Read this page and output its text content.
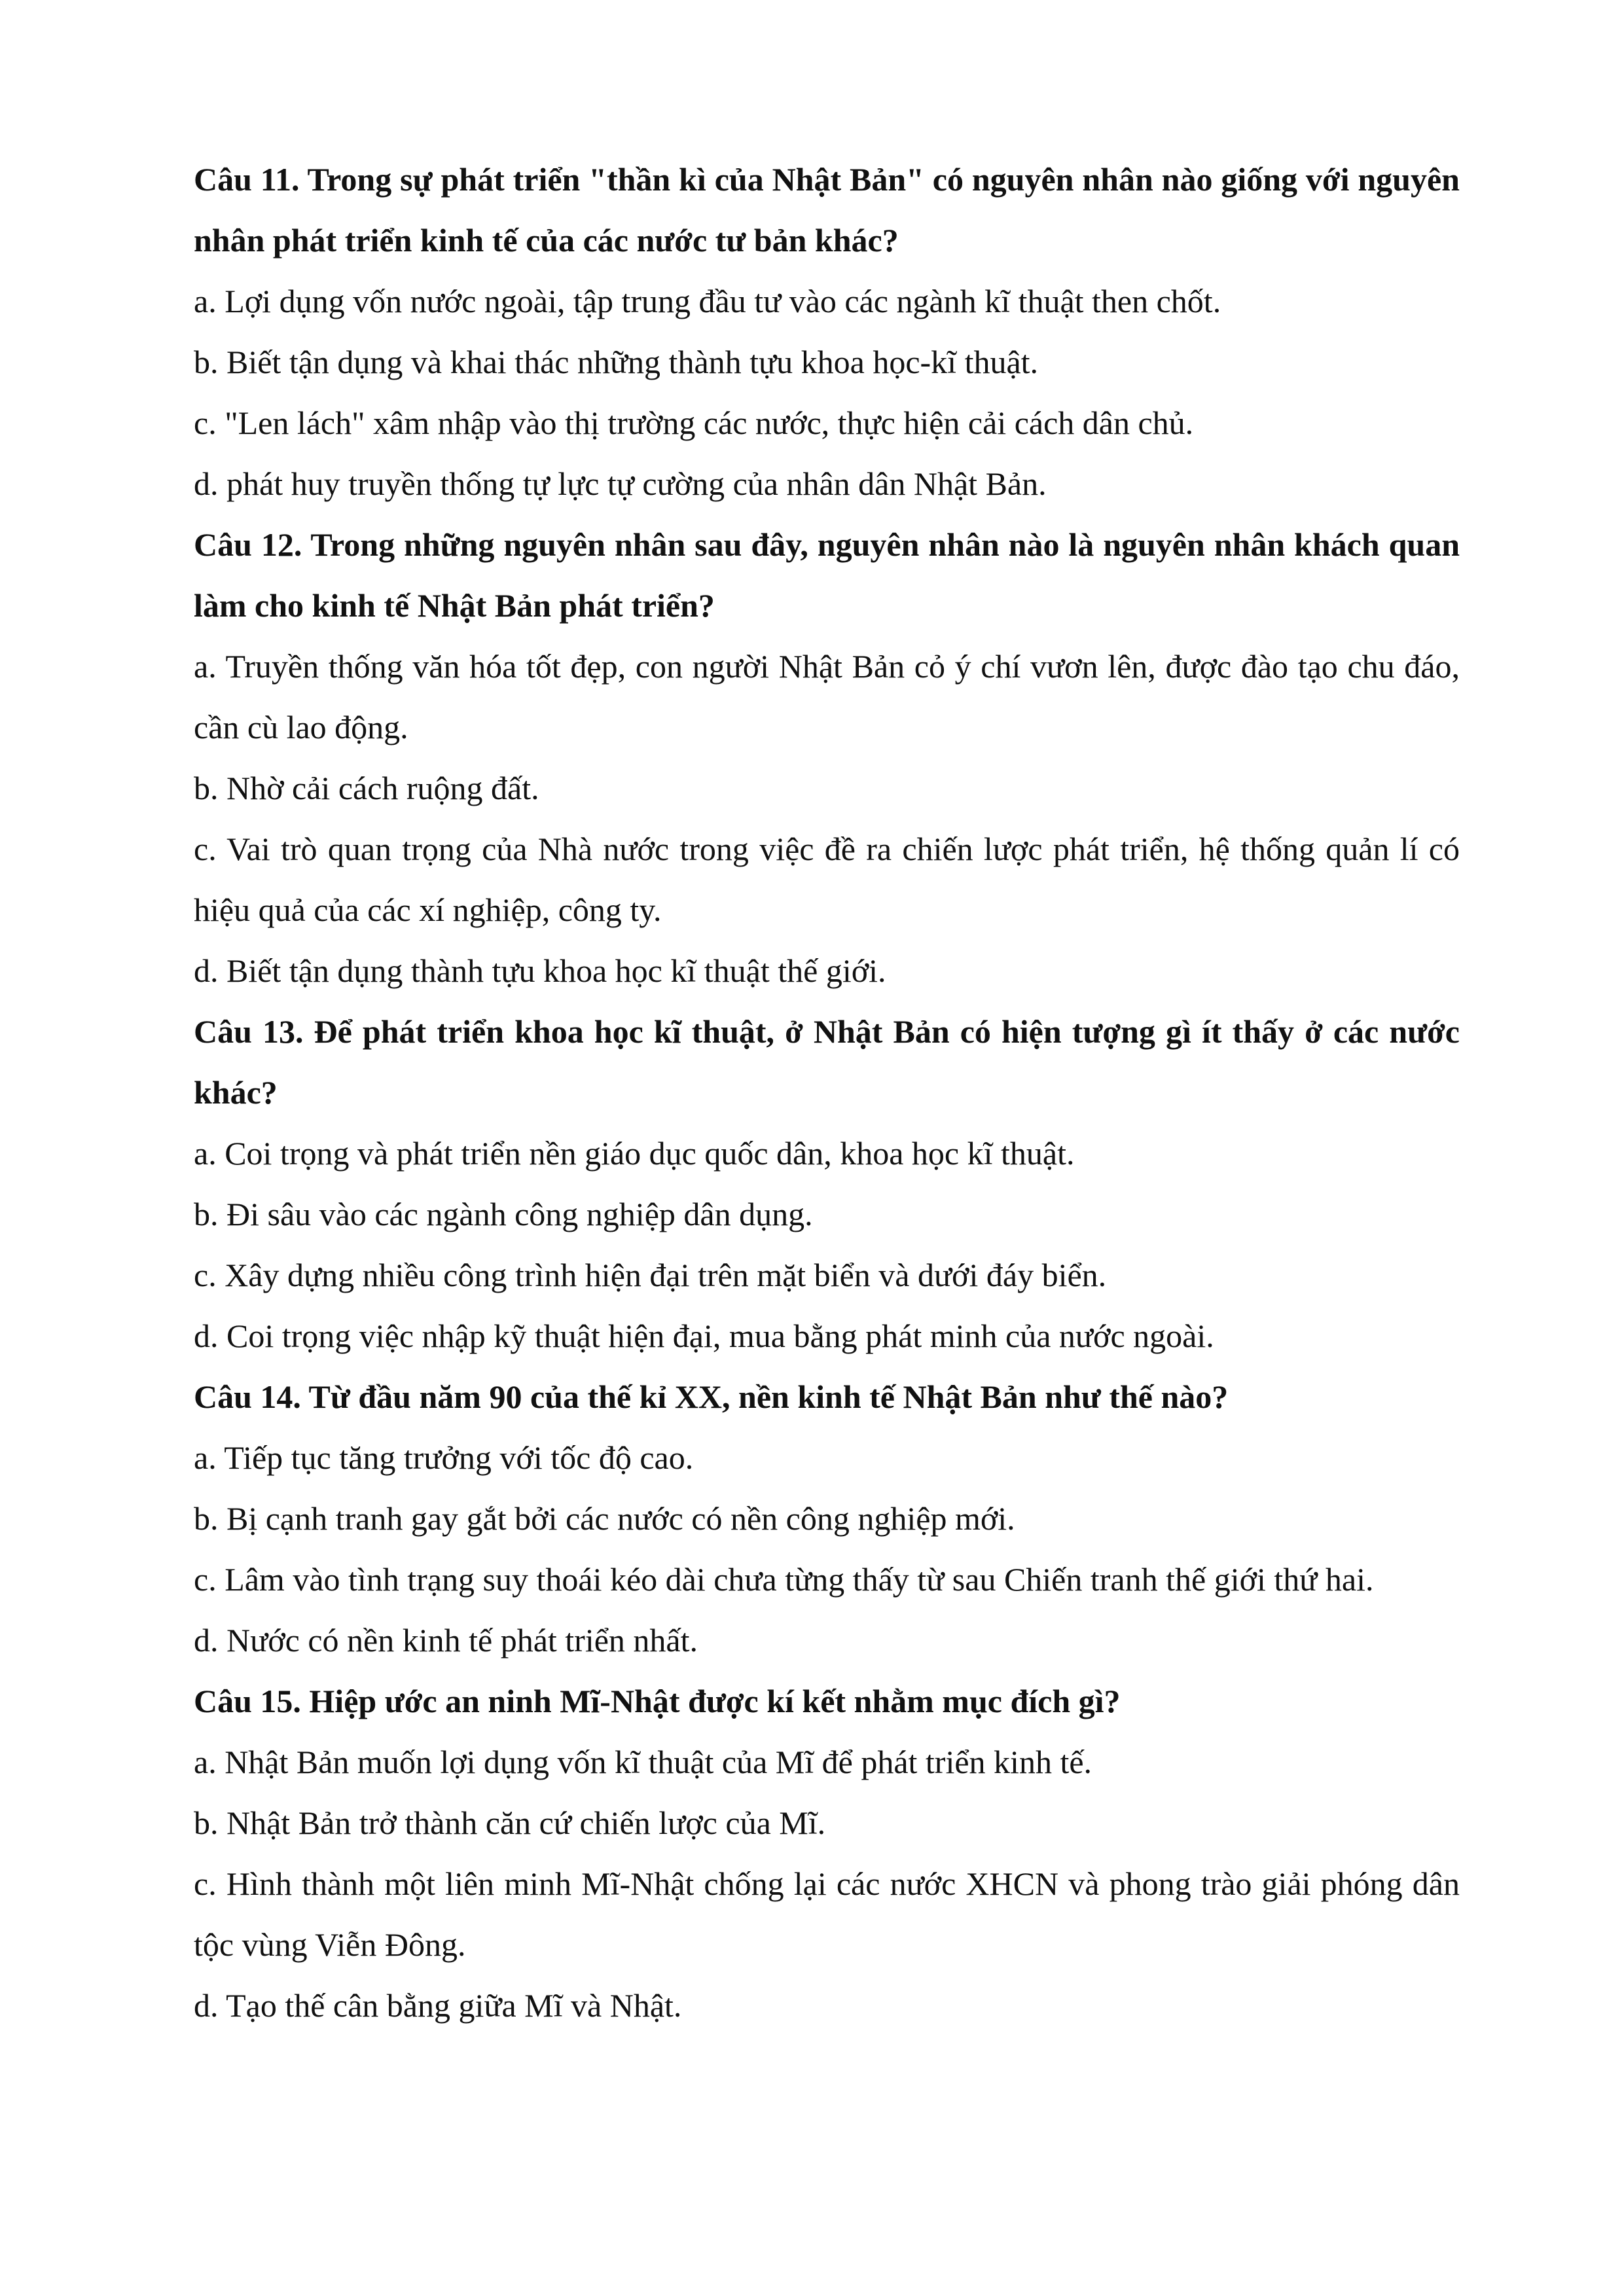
Câu 11. Trong sự phát triển "thần kì của Nhật Bản" có nguyên nhân nào giống với nguyên nhân phát triển kinh tế của các nước tư bản khác?

a. Lợi dụng vốn nước ngoài, tập trung đầu tư vào các ngành kĩ thuật then chốt.

b. Biết tận dụng và khai thác những thành tựu khoa học-kĩ thuật.

c. "Len lách" xâm nhập vào thị trường các nước, thực hiện cải cách dân chủ.

d. phát huy truyền thống tự lực tự cường của nhân dân Nhật Bản.

Câu 12. Trong những nguyên nhân sau đây, nguyên nhân nào là nguyên nhân khách quan làm cho kinh tế Nhật Bản phát triển?

a. Truyền thống văn hóa tốt đẹp, con người Nhật Bản cỏ ý chí vươn lên, được đào tạo chu đáo, cần cù lao động.

b. Nhờ cải cách ruộng đất.

c. Vai trò quan trọng của Nhà nước trong việc đề ra chiến lược phát triển, hệ thống quản lí có hiệu quả của các xí nghiệp, công ty.

d. Biết tận dụng thành tựu khoa học kĩ thuật thế giới.

Câu 13. Để phát triển khoa học kĩ thuật, ở Nhật Bản có hiện tượng gì ít thấy ở các nước khác?

a. Coi trọng và phát triển nền giáo dục quốc dân, khoa học kĩ thuật.

b. Đi sâu vào các ngành công nghiệp dân dụng.

c. Xây dựng nhiều công trình hiện đại trên mặt biển và dưới đáy biển.

d. Coi trọng việc nhập kỹ thuật hiện đại, mua bằng phát minh của nước ngoài.

Câu 14. Từ đầu năm 90 của thế kỉ XX, nền kinh tế Nhật Bản như thế nào?

a. Tiếp tục tăng trưởng với tốc độ cao.

b. Bị cạnh tranh gay gắt bởi các nước có nền công nghiệp mới.

c. Lâm vào tình trạng suy thoái kéo dài chưa từng thấy từ sau Chiến tranh thế giới thứ hai.

d. Nước có nền kinh tế phát triển nhất.

Câu 15. Hiệp ước an ninh Mĩ-Nhật được kí kết nhằm mục đích gì?

a. Nhật Bản muốn lợi dụng vốn kĩ thuật của Mĩ để phát triển kinh tế.

b. Nhật Bản trở thành căn cứ chiến lược của Mĩ.

c. Hình thành một liên minh Mĩ-Nhật chống lại các nước XHCN và phong trào giải phóng dân tộc vùng Viễn Đông.

d. Tạo thế cân bằng giữa Mĩ và Nhật.
